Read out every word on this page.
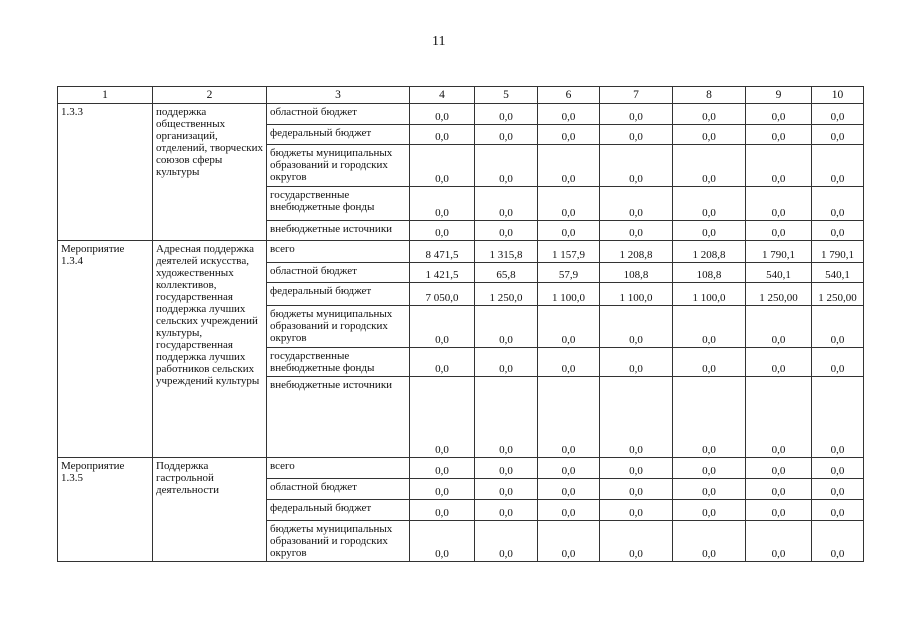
11
1	2	3	4	5	6	7	8	9	10
1.3.3	поддержка общественных организаций, отделений, творческих союзов сферы культуры	областной бюджет	0,0	0,0	0,0	0,0	0,0	0,0	0,0
		федеральный бюджет	0,0	0,0	0,0	0,0	0,0	0,0	0,0
		бюджеты муниципальных образований и городских округов	0,0	0,0	0,0	0,0	0,0	0,0	0,0
		государственные внебюджетные фонды	0,0	0,0	0,0	0,0	0,0	0,0	0,0
		внебюджетные источники	0,0	0,0	0,0	0,0	0,0	0,0	0,0
Мероприятие 1.3.4	Адресная поддержка деятелей искусства, художественных коллективов, государственная поддержка лучших сельских учреждений культуры, государственная поддержка лучших работников сельских учреждений культуры	всего	8 471,5	1 315,8	1 157,9	1 208,8	1 208,8	1 790,1	1 790,1
		областной бюджет	1 421,5	65,8	57,9	108,8	108,8	540,1	540,1
		федеральный бюджет	7 050,0	1 250,0	1 100,0	1 100,0	1 100,0	1 250,00	1 250,00
		бюджеты муниципальных образований и городских округов	0,0	0,0	0,0	0,0	0,0	0,0	0,0
		государственные внебюджетные фонды	0,0	0,0	0,0	0,0	0,0	0,0	0,0
		внебюджетные источники	0,0	0,0	0,0	0,0	0,0	0,0	0,0
Мероприятие 1.3.5	Поддержка гастрольной деятельности	всего	0,0	0,0	0,0	0,0	0,0	0,0	0,0
		областной бюджет	0,0	0,0	0,0	0,0	0,0	0,0	0,0
		федеральный бюджет	0,0	0,0	0,0	0,0	0,0	0,0	0,0
		бюджеты муниципальных образований и городских округов	0,0	0,0	0,0	0,0	0,0	0,0	0,0
